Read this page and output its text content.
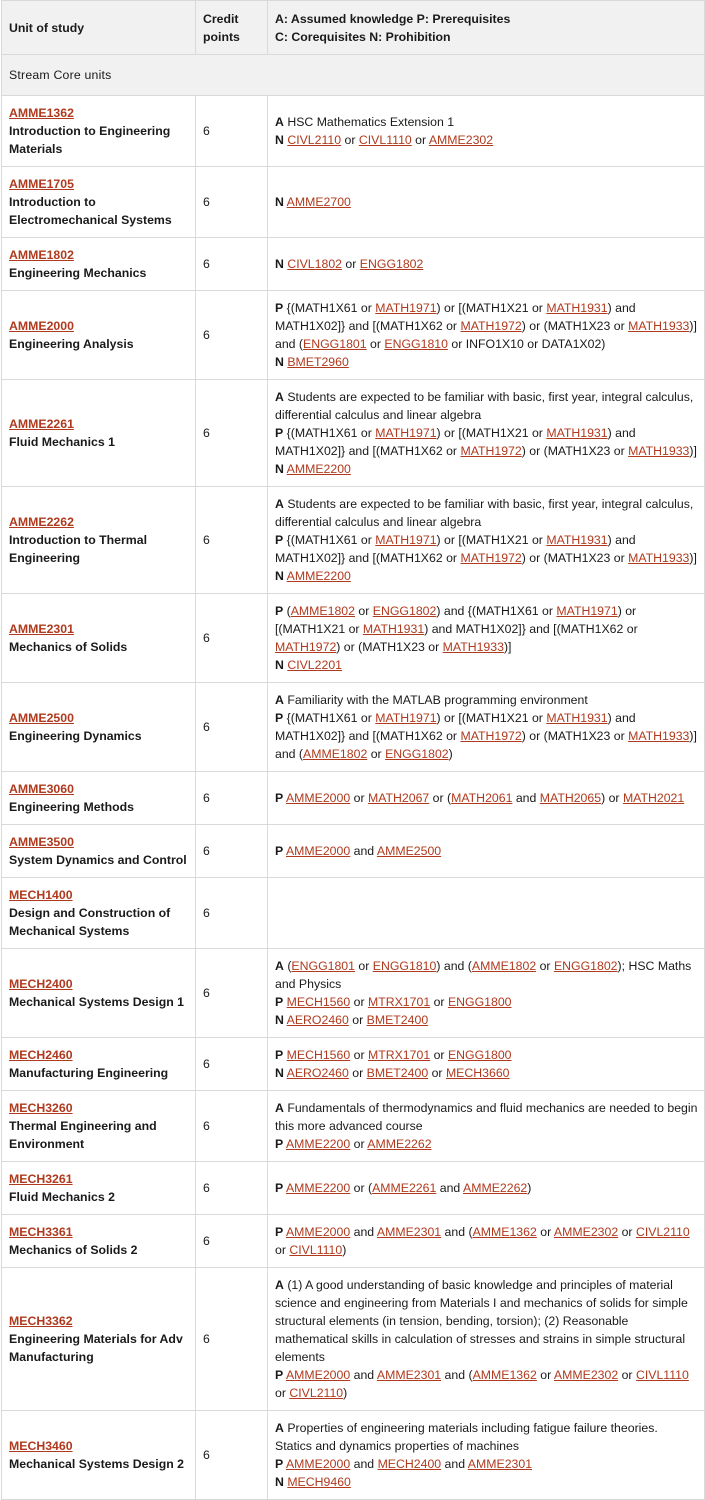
Unit of study	Credit points	A: Assumed knowledge P: Prerequisites
C: Corequisites N: Prohibition

Stream Core units		

AMME1362
Introduction to Engineering Materials	6	A HSC Mathematics Extension 1
N CIVL2110 or CIVL1110 or AMME2302

AMME1705
Introduction to Electromechanical Systems	6	N AMME2700

AMME1802
Engineering Mechanics	6	N CIVL1802 or ENGG1802

AMME2000
Engineering Analysis	6	P {(MATH1X61 or MATH1971) or [(MATH1X21 or MATH1931) and MATH1X02]} and [(MATH1X62 or MATH1972) or (MATH1X23 or MATH1933)] and (ENGG1801 or ENGG1810 or INFO1X10 or DATA1X02)
N BMET2960

AMME2261
Fluid Mechanics 1	6	A Students are expected to be familiar with basic, first year, integral calculus, differential calculus and linear algebra
P {(MATH1X61 or MATH1971) or [(MATH1X21 or MATH1931) and MATH1X02]} and [(MATH1X62 or MATH1972) or (MATH1X23 or MATH1933)]
N AMME2200

AMME2262
Introduction to Thermal Engineering	6	A Students are expected to be familiar with basic, first year, integral calculus, differential calculus and linear algebra
P {(MATH1X61 or MATH1971) or [(MATH1X21 or MATH1931) and MATH1X02]} and [(MATH1X62 or MATH1972) or (MATH1X23 or MATH1933)]
N AMME2200

AMME2301
Mechanics of Solids	6	P (AMME1802 or ENGG1802) and {(MATH1X61 or MATH1971) or [(MATH1X21 or MATH1931) and MATH1X02]} and [(MATH1X62 or MATH1972) or (MATH1X23 or MATH1933)]
N CIVL2201

AMME2500
Engineering Dynamics	6	A Familiarity with the MATLAB programming environment
P {(MATH1X61 or MATH1971) or [(MATH1X21 or MATH1931) and MATH1X02]} and [(MATH1X62 or MATH1972) or (MATH1X23 or MATH1933)] and (AMME1802 or ENGG1802)

AMME3060
Engineering Methods	6	P AMME2000 or MATH2067 or (MATH2061 and MATH2065) or MATH2021

AMME3500
System Dynamics and Control	6	P AMME2000 and AMME2500

MECH1400
Design and Construction of Mechanical Systems	6	

MECH2400
Mechanical Systems Design 1	6	A (ENGG1801 or ENGG1810) and (AMME1802 or ENGG1802); HSC Maths and Physics
P MECH1560 or MTRX1701 or ENGG1800
N AERO2460 or BMET2400

MECH2460
Manufacturing Engineering	6	P MECH1560 or MTRX1701 or ENGG1800
N AERO2460 or BMET2400 or MECH3660

MECH3260
Thermal Engineering and Environment	6	A Fundamentals of thermodynamics and fluid mechanics are needed to begin this more advanced course
P AMME2200 or AMME2262

MECH3261
Fluid Mechanics 2	6	P AMME2200 or (AMME2261 and AMME2262)

MECH3361
Mechanics of Solids 2	6	P AMME2000 and AMME2301 and (AMME1362 or AMME2302 or CIVL2110 or CIVL1110)

MECH3362
Engineering Materials for Adv Manufacturing	6	A (1) A good understanding of basic knowledge and principles of material science and engineering from Materials I and mechanics of solids for simple structural elements (in tension, bending, torsion); (2) Reasonable mathematical skills in calculation of stresses and strains in simple structural elements
P AMME2000 and AMME2301 and (AMME1362 or AMME2302 or CIVL1110 or CIVL2110)

MECH3460
Mechanical Systems Design 2	6	A Properties of engineering materials including fatigue failure theories. Statics and dynamics properties of machines
P AMME2000 and MECH2400 and AMME2301
N MECH9460
